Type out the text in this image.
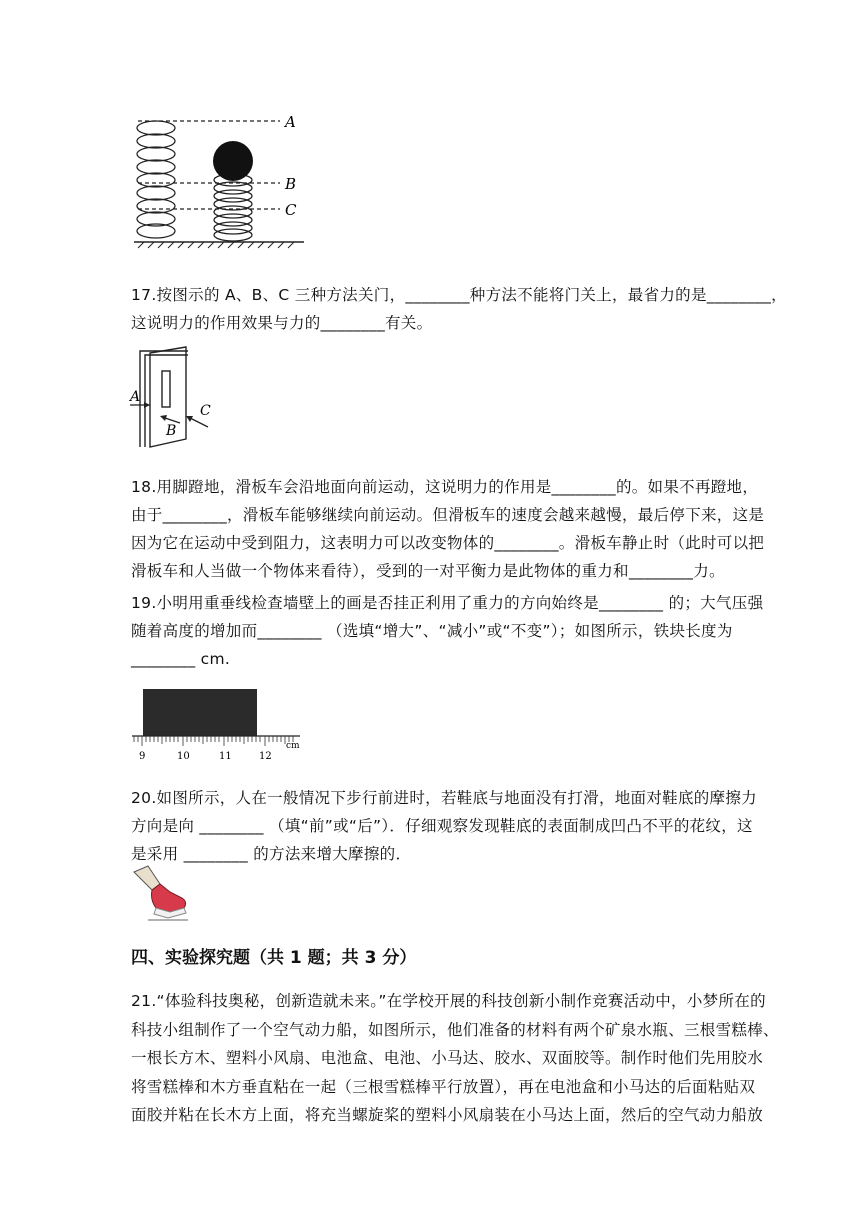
A
B
C
17.按图示的 A、B、C 三种方法关门，________种方法不能将门关上，最省力的是________，
这说明力的作用效果与力的________有关。
A
B
C
18.用脚蹬地，滑板车会沿地面向前运动，这说明力的作用是________的。如果不再蹬地，
由于________，滑板车能够继续向前运动。但滑板车的速度会越来越慢，最后停下来，这是
因为它在运动中受到阻力，这表明力可以改变物体的________。滑板车静止时（此时可以把
滑板车和人当做一个物体来看待），受到的一对平衡力是此物体的重力和________力。
19.小明用重垂线检查墙壁上的画是否挂正利用了重力的方向始终是________ 的；大气压强
随着高度的增加而________ （选填“增大”、“减小”或“不变”）；如图所示，铁块长度为
________ cm.
9	10	11	12
cm
20.如图所示，人在一般情况下步行前进时，若鞋底与地面没有打滑，地面对鞋底的摩擦力
方向是向 ________ （填“前”或“后”）．仔细观察发现鞋底的表面制成凹凸不平的花纹，这
是采用 ________ 的方法来增大摩擦的．
四、实验探究题（共 1 题；共 3 分）
21.“体验科技奥秘，创新造就未来。”在学校开展的科技创新小制作竞赛活动中，小梦所在的
科技小组制作了一个空气动力船，如图所示，他们准备的材料有两个矿泉水瓶、三根雪糕棒、
一根长方木、塑料小风扇、电池盒、电池、小马达、胶水、双面胶等。制作时他们先用胶水
将雪糕棒和木方垂直粘在一起（三根雪糕棒平行放置），再在电池盒和小马达的后面粘贴双
面胶并粘在长木方上面，将充当螺旋桨的塑料小风扇装在小马达上面，然后的空气动力船放
